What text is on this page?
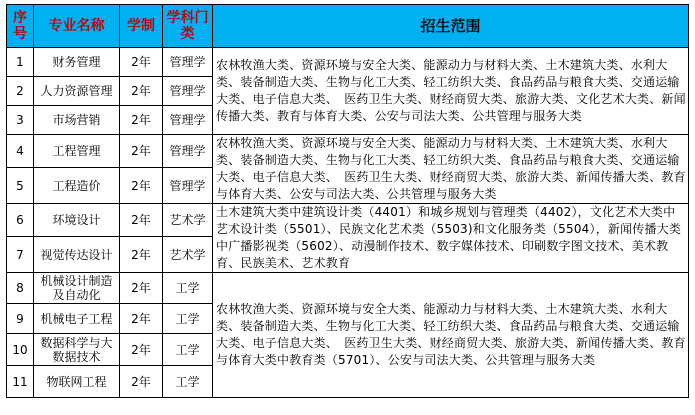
序号	专业名称	学制	学科门类	招生范围
1	财务管理	2年	管理学	农林牧渔大类、资源环境与安全大类、能源动力与材料大类、土木建筑大类、水利大类、装备制造大类、生物与化工大类、轻工纺织大类、食品药品与粮食大类、交通运输大类、电子信息大类、　医药卫生大类、财经商贸大类、旅游大类、文化艺术大类、新闻传播大类、教育与体育大类、公安与司法大类、公共管理与服务大类
2	人力资源管理	2年	管理学	
3	市场营销	2年	管理学	
4	工程管理	2年	管理学	农林牧渔大类、资源环境与安全大类、能源动力与材料大类、土木建筑大类、水利大类、装备制造大类、生物与化工大类、轻工纺织大类、食品药品与粮食大类、交通运输大类、电子信息大类、　医药卫生大类、财经商贸大类、旅游大类、新闻传播大类、教育与体育大类、公安与司法大类、公共管理与服务大类
5	工程造价	2年	管理学	
6	环境设计	2年	艺术学	土木建筑大类中建筑设计类（4401）和城乡规划与管理类（4402），文化艺术大类中艺术设计类（5501）、民族文化艺术类（5503)和文化服务类（5504），新闻传播大类中广播影视类（5602）、动漫制作技术、数字媒体技术、印刷数字图文技术、美术教育、民族美术、艺术教育
7	视觉传达设计	2年	艺术学	
8	机械设计制造及自动化	2年	工学	农林牧渔大类、资源环境与安全大类、能源动力与材料大类、土木建筑大类、水利大类、装备制造大类、生物与化工大类、轻工纺织大类、食品药品与粮食大类、交通运输大类、电子信息大类、　医药卫生大类、财经商贸大类、旅游大类、新闻传播大类、教育与体育大类中教育类（5701）、公安与司法大类、公共管理与服务大类
9	机械电子工程	2年	工学	
10	数据科学与大数据技术	2年	工学	
11	物联网工程	2年	工学	
